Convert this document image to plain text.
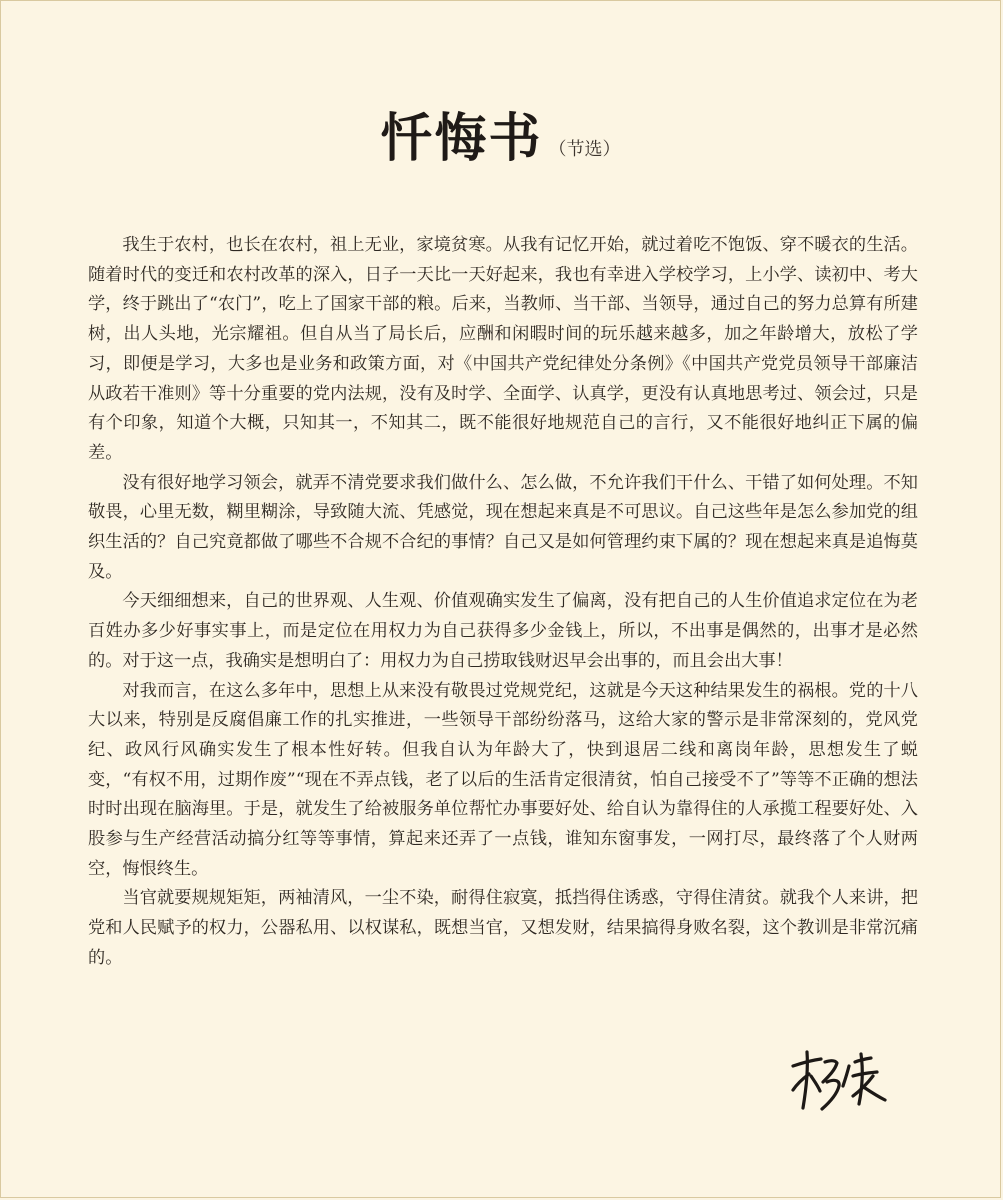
忏悔书 （节选）

我生于农村，也长在农村，祖上无业，家境贫寒。从我有记忆开始，就过着吃不饱饭、穿不暖衣的生活。随着时代的变迁和农村改革的深入，日子一天比一天好起来，我也有幸进入学校学习，上小学、读初中、考大学，终于跳出了“农门”，吃上了国家干部的粮。后来，当教师、当干部、当领导，通过自己的努力总算有所建树，出人头地，光宗耀祖。但自从当了局长后，应酬和闲暇时间的玩乐越来越多，加之年龄增大，放松了学习，即便是学习，大多也是业务和政策方面，对《中国共产党纪律处分条例》《中国共产党党员领导干部廉洁从政若干准则》等十分重要的党内法规，没有及时学、全面学、认真学，更没有认真地思考过、领会过，只是有个印象，知道个大概，只知其一，不知其二，既不能很好地规范自己的言行，又不能很好地纠正下属的偏差。

没有很好地学习领会，就弄不清党要求我们做什么、怎么做，不允许我们干什么、干错了如何处理。不知敬畏，心里无数，糊里糊涂，导致随大流、凭感觉，现在想起来真是不可思议。自己这些年是怎么参加党的组织生活的？自己究竟都做了哪些不合规不合纪的事情？自己又是如何管理约束下属的？现在想起来真是追悔莫及。

今天细细想来，自己的世界观、人生观、价值观确实发生了偏离，没有把自己的人生价值追求定位在为老百姓办多少好事实事上，而是定位在用权力为自己获得多少金钱上，所以，不出事是偶然的，出事才是必然的。对于这一点，我确实是想明白了：用权力为自己捞取钱财迟早会出事的，而且会出大事！

对我而言，在这么多年中，思想上从来没有敬畏过党规党纪，这就是今天这种结果发生的祸根。党的十八大以来，特别是反腐倡廉工作的扎实推进，一些领导干部纷纷落马，这给大家的警示是非常深刻的，党风党纪、政风行风确实发生了根本性好转。但我自认为年龄大了，快到退居二线和离岗年龄，思想发生了蜕变，“有权不用，过期作废”“现在不弄点钱，老了以后的生活肯定很清贫，怕自己接受不了”等等不正确的想法时时出现在脑海里。于是，就发生了给被服务单位帮忙办事要好处、给自认为靠得住的人承揽工程要好处、入股参与生产经营活动搞分红等等事情，算起来还弄了一点钱，谁知东窗事发，一网打尽，最终落了个人财两空，悔恨终生。

当官就要规规矩矩，两袖清风，一尘不染，耐得住寂寞，抵挡得住诱惑，守得住清贫。就我个人来讲，把党和人民赋予的权力，公器私用、以权谋私，既想当官，又想发财，结果搞得身败名裂，这个教训是非常沉痛的。
